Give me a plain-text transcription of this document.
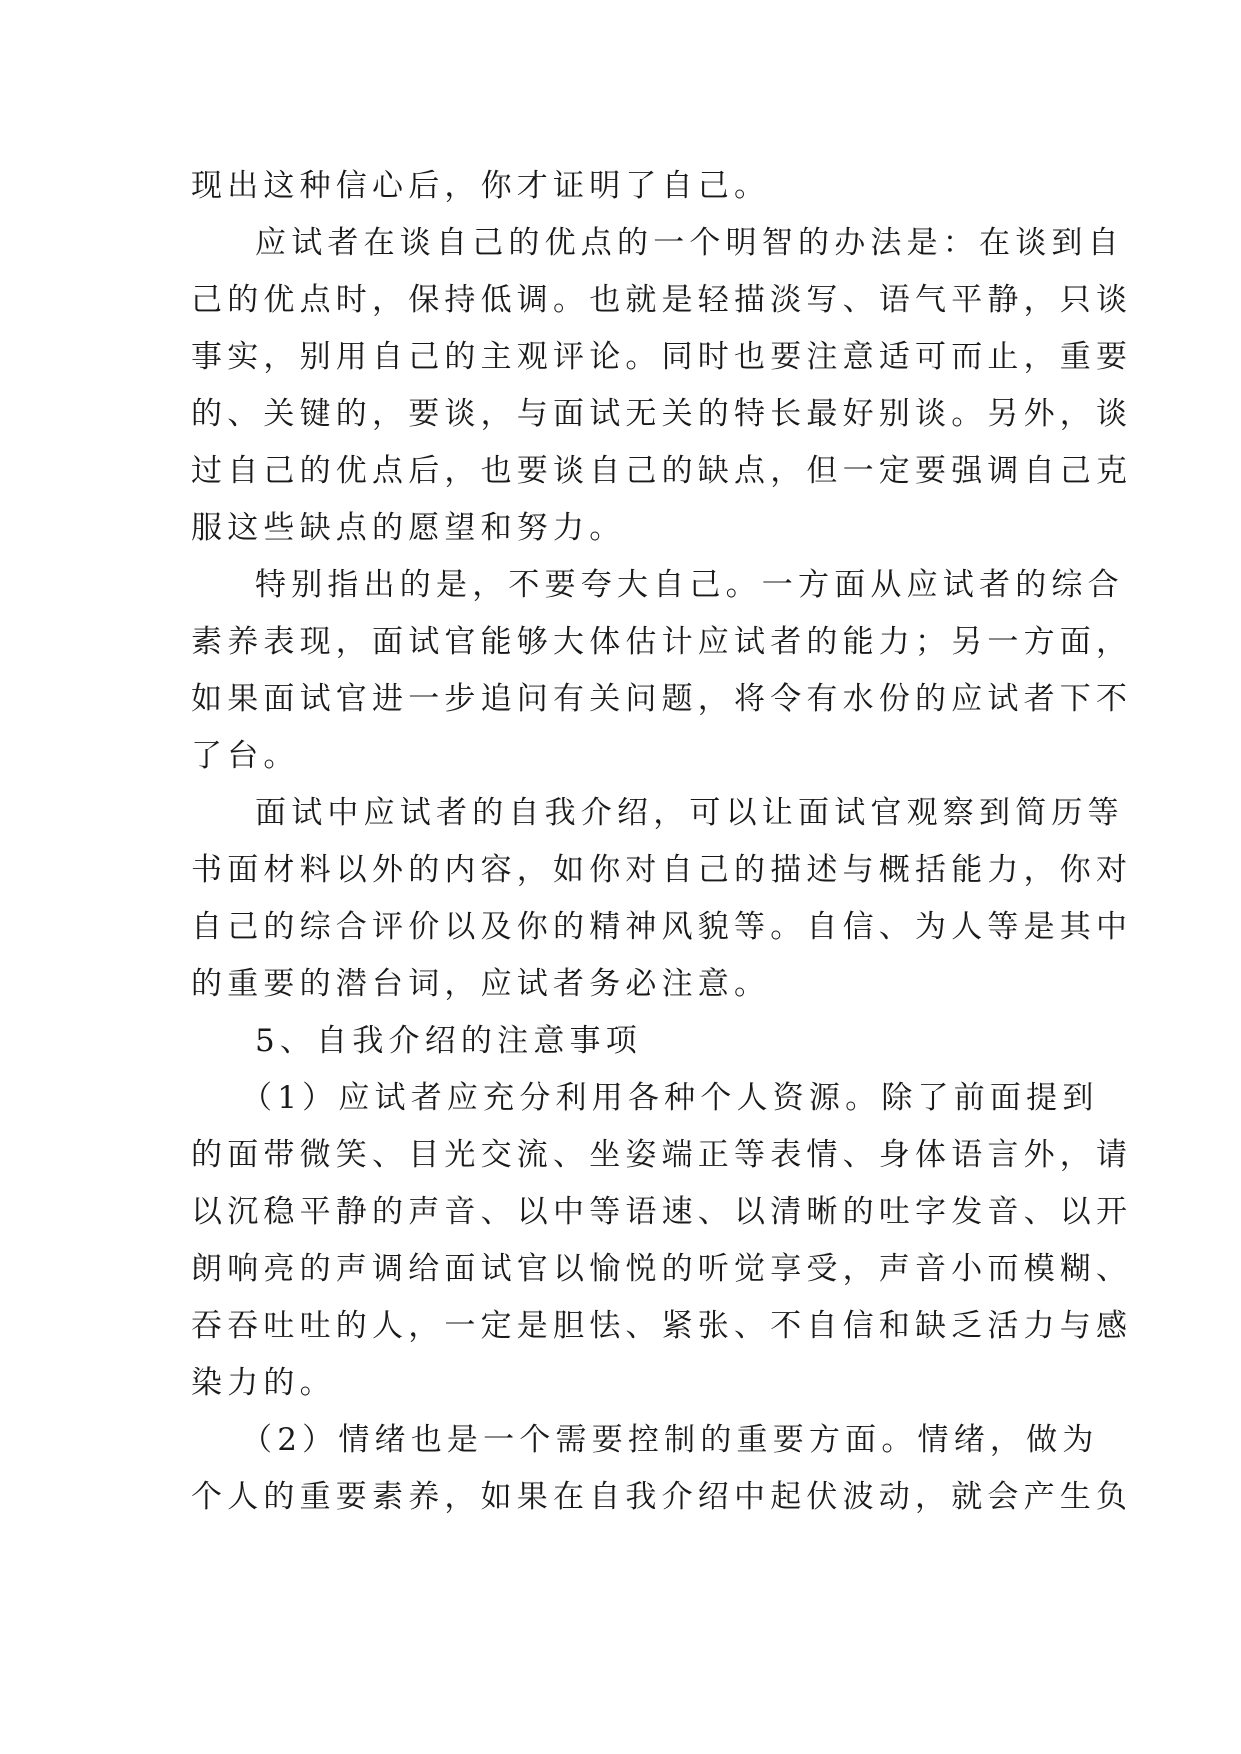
现出这种信心后，你才证明了自己。
应试者在谈自己的优点的一个明智的办法是：在谈到自
己的优点时，保持低调。也就是轻描淡写、语气平静，只谈
事实，别用自己的主观评论。同时也要注意适可而止，重要
的、关键的，要谈，与面试无关的特长最好别谈。另外，谈
过自己的优点后，也要谈自己的缺点，但一定要强调自己克
服这些缺点的愿望和努力。
特别指出的是，不要夸大自己。一方面从应试者的综合
素养表现，面试官能够大体估计应试者的能力；另一方面，
如果面试官进一步追问有关问题，将令有水份的应试者下不
了台。
面试中应试者的自我介绍，可以让面试官观察到简历等
书面材料以外的内容，如你对自己的描述与概括能力，你对
自己的综合评价以及你的精神风貌等。自信、为人等是其中
的重要的潜台词，应试者务必注意。
5、自我介绍的注意事项
（1）应试者应充分利用各种个人资源。除了前面提到
的面带微笑、目光交流、坐姿端正等表情、身体语言外，请
以沉稳平静的声音、以中等语速、以清晰的吐字发音、以开
朗响亮的声调给面试官以愉悦的听觉享受，声音小而模糊、
吞吞吐吐的人，一定是胆怯、紧张、不自信和缺乏活力与感
染力的。
（2）情绪也是一个需要控制的重要方面。情绪，做为
个人的重要素养，如果在自我介绍中起伏波动，就会产生负
